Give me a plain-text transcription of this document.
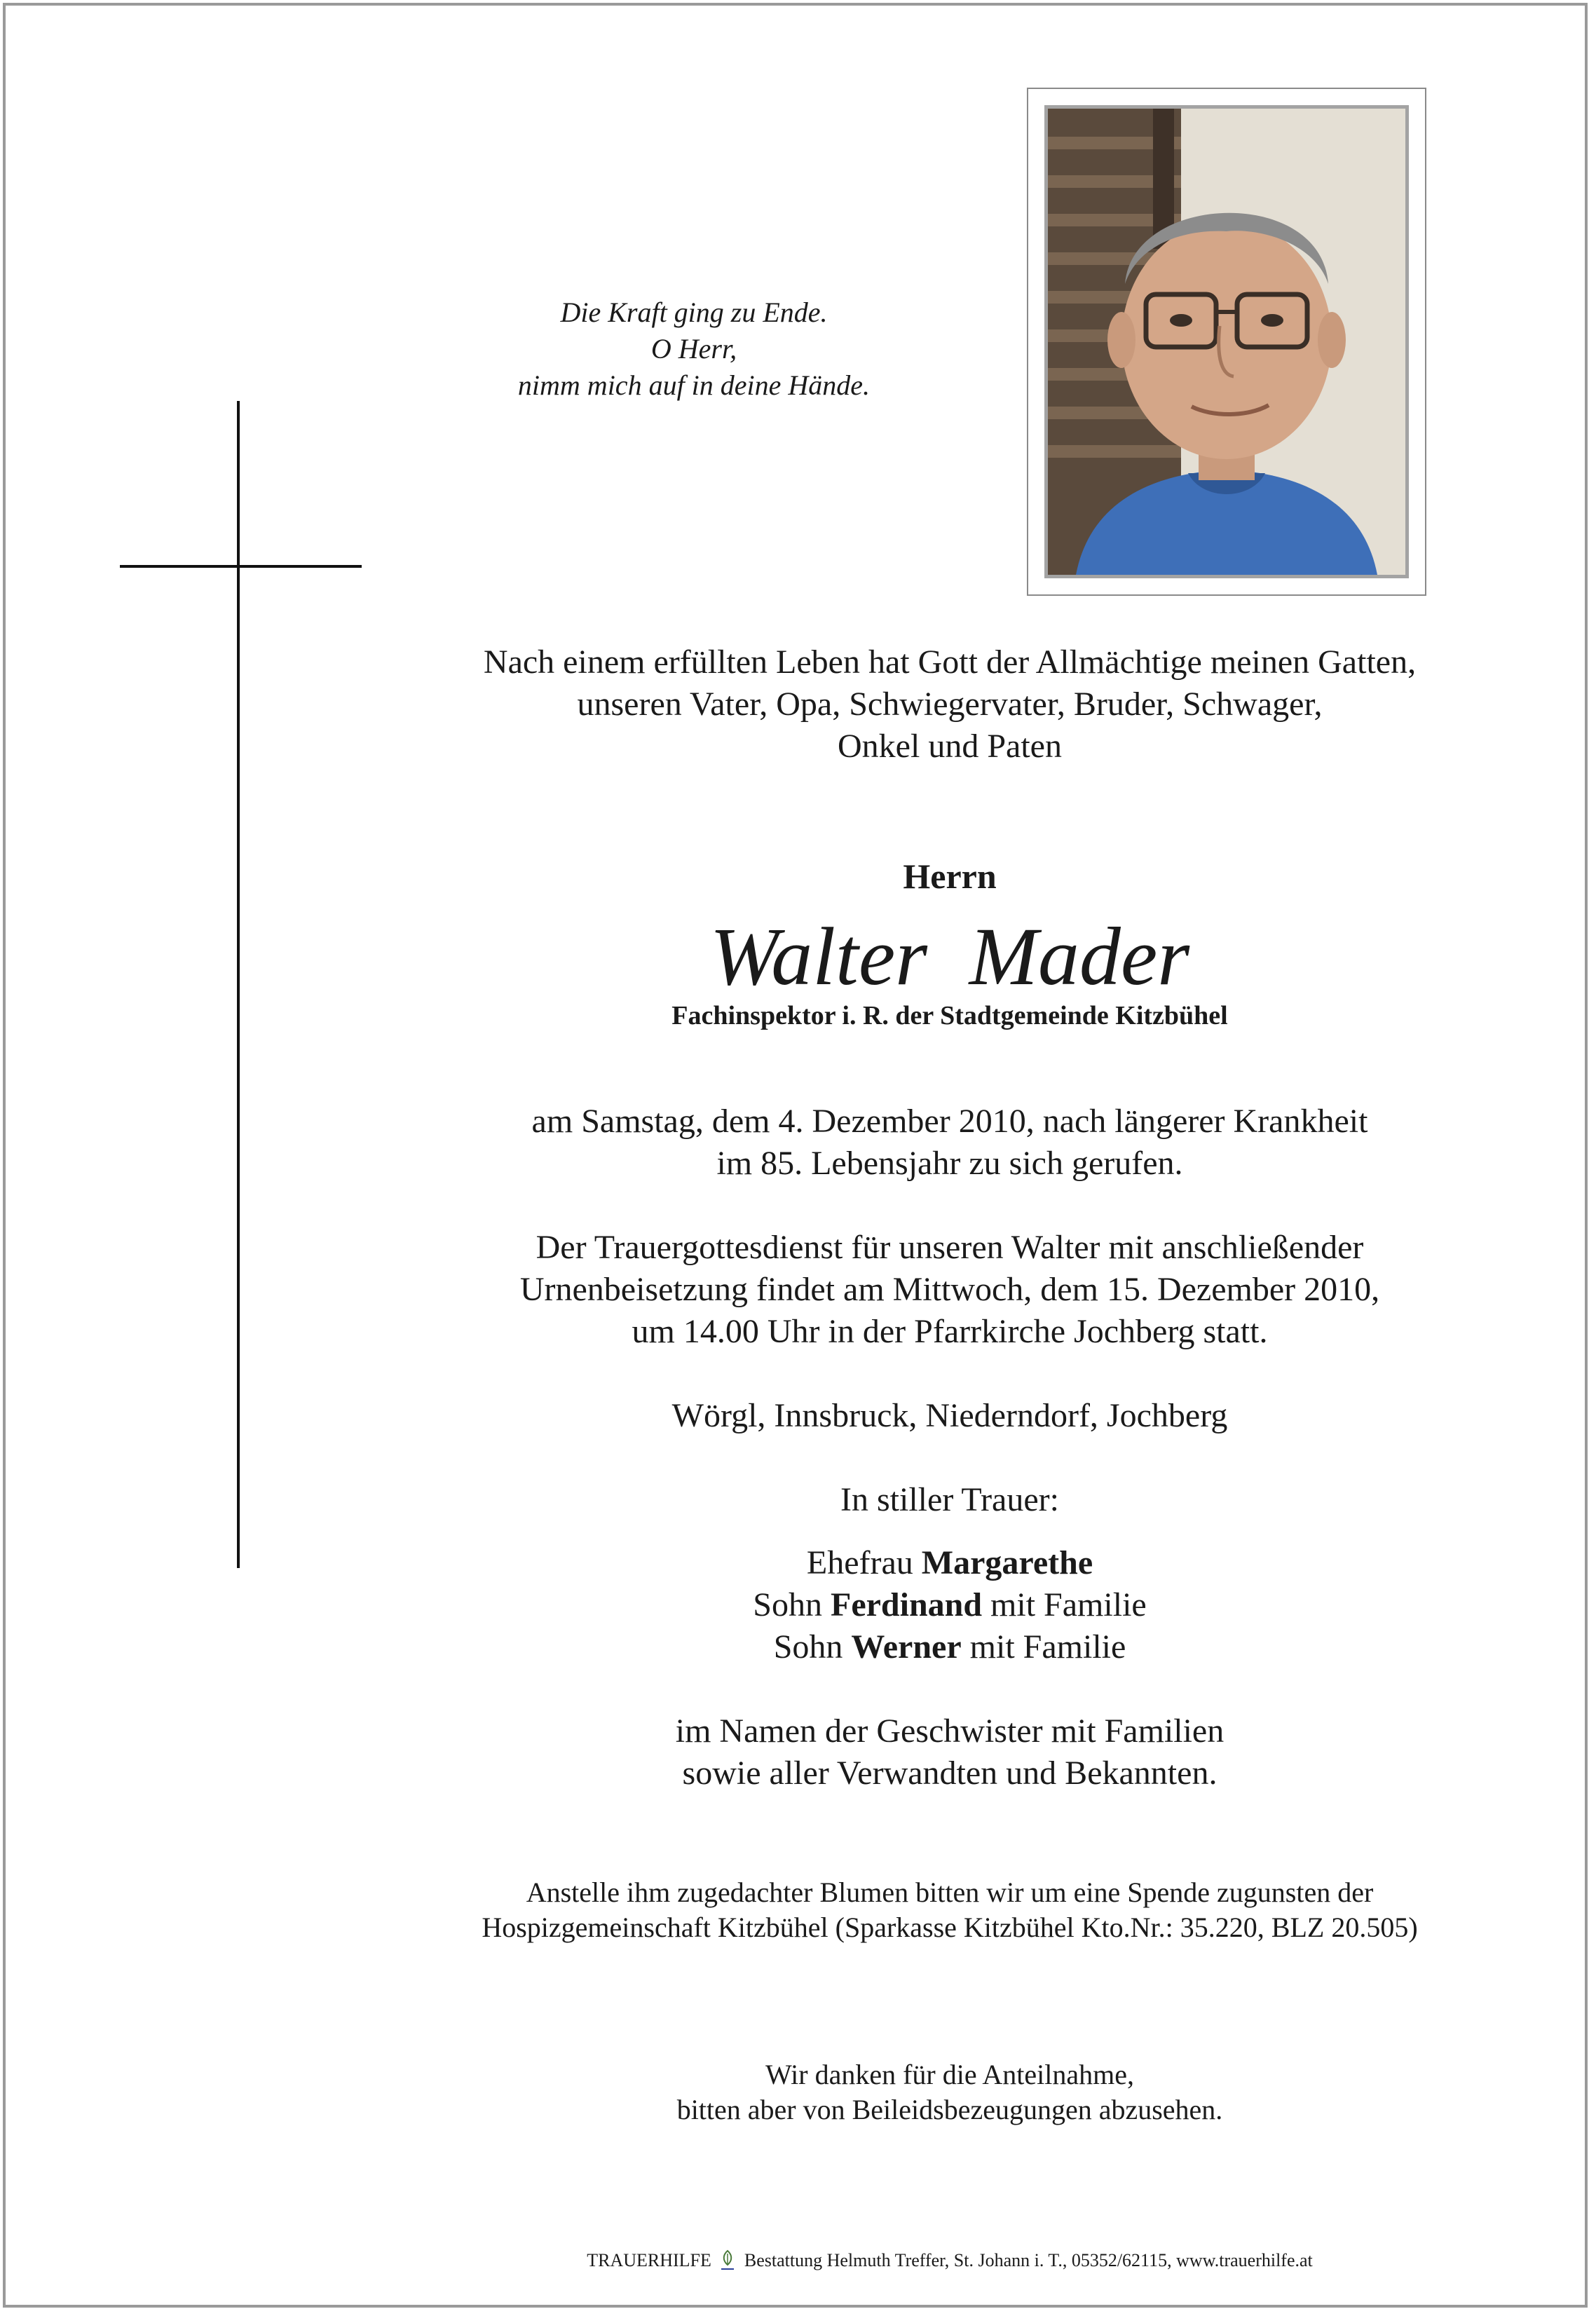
Die Kraft ging zu Ende.
O Herr,
nimm mich auf in deine Hände.
Nach einem erfüllten Leben hat Gott der Allmächtige meinen Gatten,
unseren Vater, Opa, Schwiegervater, Bruder, Schwager,
Onkel und Paten
Herrn
Walter Mader
Fachinspektor i. R. der Stadtgemeinde Kitzbühel
am Samstag, dem 4. Dezember 2010, nach längerer Krankheit
im 85. Lebensjahr zu sich gerufen.
Der Trauergottesdienst für unseren Walter mit anschließender
Urnenbeisetzung findet am Mittwoch, dem 15. Dezember 2010,
um 14.00 Uhr in der Pfarrkirche Jochberg statt.
Wörgl, Innsbruck, Niederndorf, Jochberg
In stiller Trauer:
Ehefrau Margarethe
Sohn Ferdinand mit Familie
Sohn Werner mit Familie
im Namen der Geschwister mit Familien
sowie aller Verwandten und Bekannten.
Anstelle ihm zugedachter Blumen bitten wir um eine Spende zugunsten der
Hospizgemeinschaft Kitzbühel (Sparkasse Kitzbühel Kto.Nr.: 35.220, BLZ 20.505)
Wir danken für die Anteilnahme,
bitten aber von Beileidsbezeugungen abzusehen.
TRAUERHILFE Bestattung Helmuth Treffer, St. Johann i. T., 05352/62115, www.trauerhilfe.at
